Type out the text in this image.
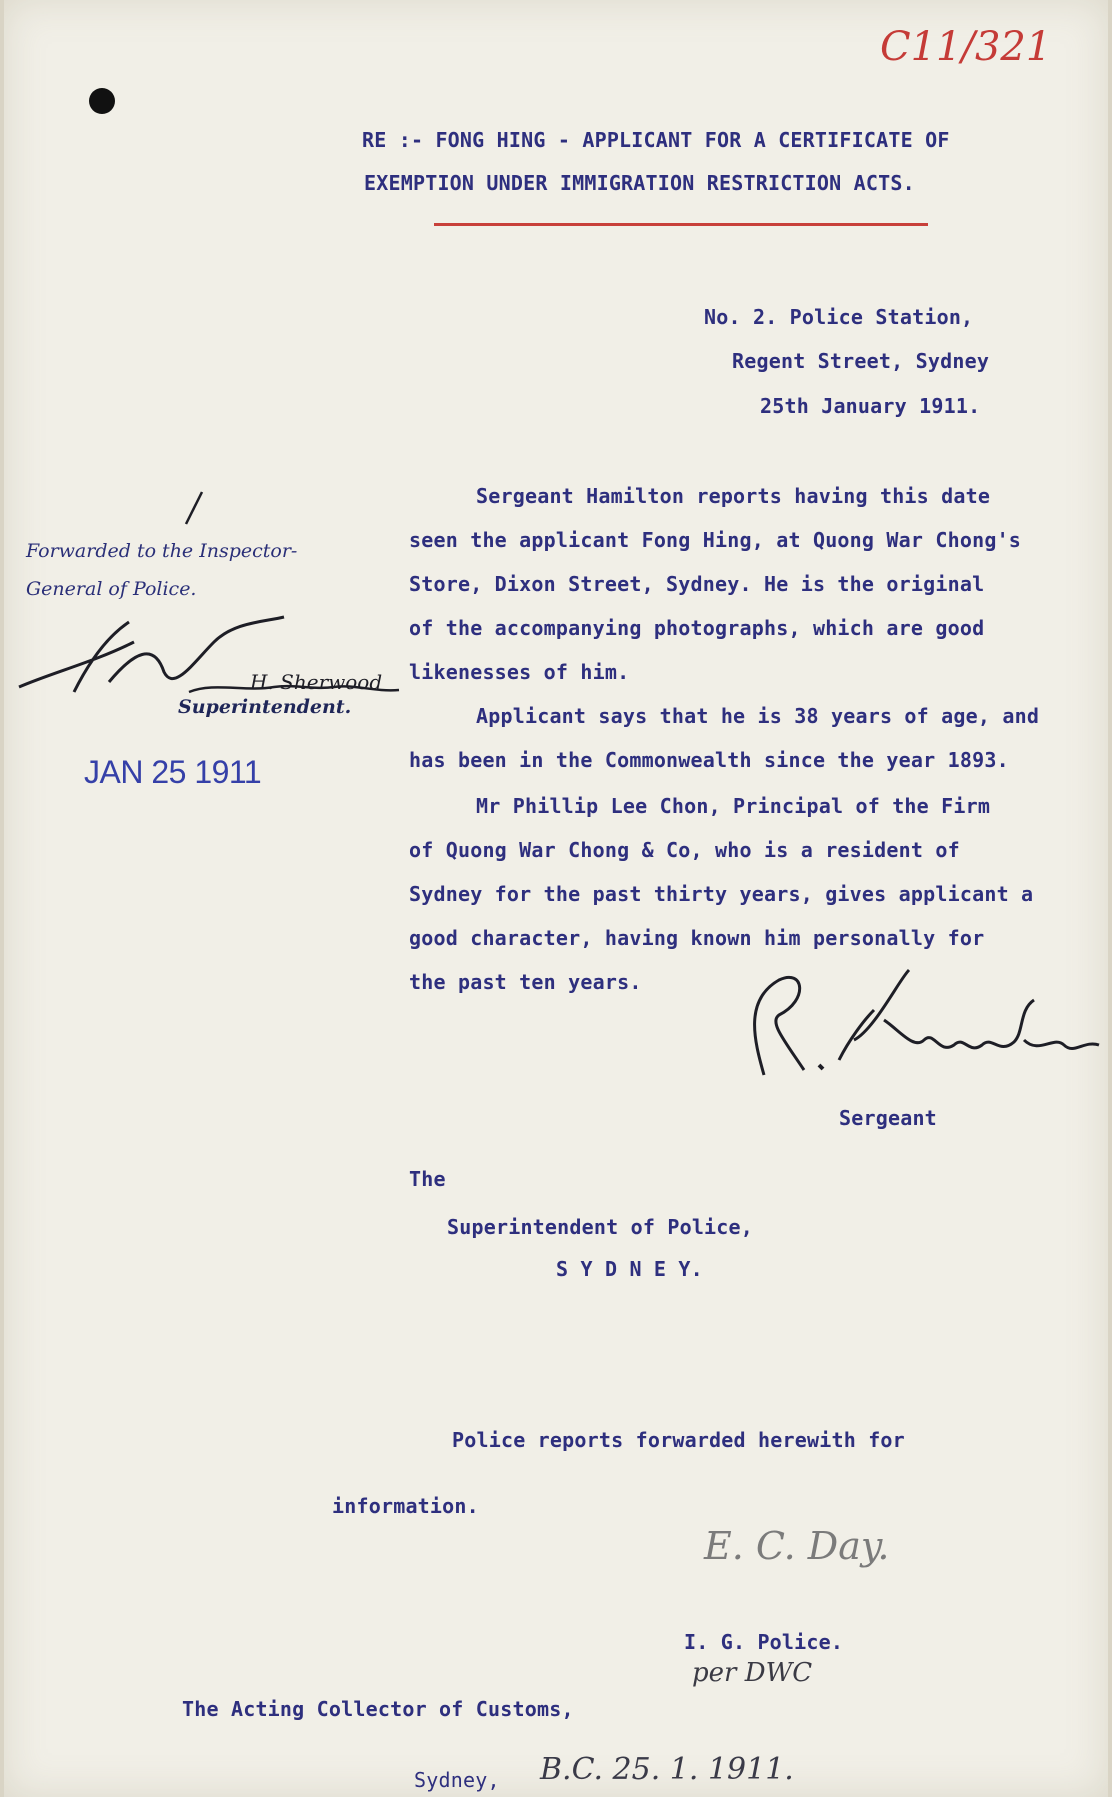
C11/321
RE :- FONG HING - APPLICANT FOR A CERTIFICATE OF
EXEMPTION UNDER IMMIGRATION RESTRICTION ACTS.
No. 2. Police Station,
Regent Street, Sydney
25th January 1911.
Sergeant Hamilton reports having this date
seen the applicant Fong Hing, at Quong War Chong's
Store, Dixon Street, Sydney. He is the original
of the accompanying photographs, which are good
likenesses of him.
Applicant says that he is 38 years of age, and
has been in the Commonwealth since the year 1893.
Mr Phillip Lee Chon, Principal of the Firm
of Quong War Chong & Co, who is a resident of
Sydney for the past thirty years, gives applicant a
good character, having known him personally for
the past ten years.
Sergeant
The
Superintendent of Police,
S Y D N E Y.
Forwarded to the Inspector-
General of Police.
H. Sherwood
Superintendent.
JAN 25 1911
Police reports forwarded herewith for
information.
E. C. Day.
I. G. Police.
per DWC
The Acting Collector of Customs,
Sydney, B.C. 25. 1. 1911.
